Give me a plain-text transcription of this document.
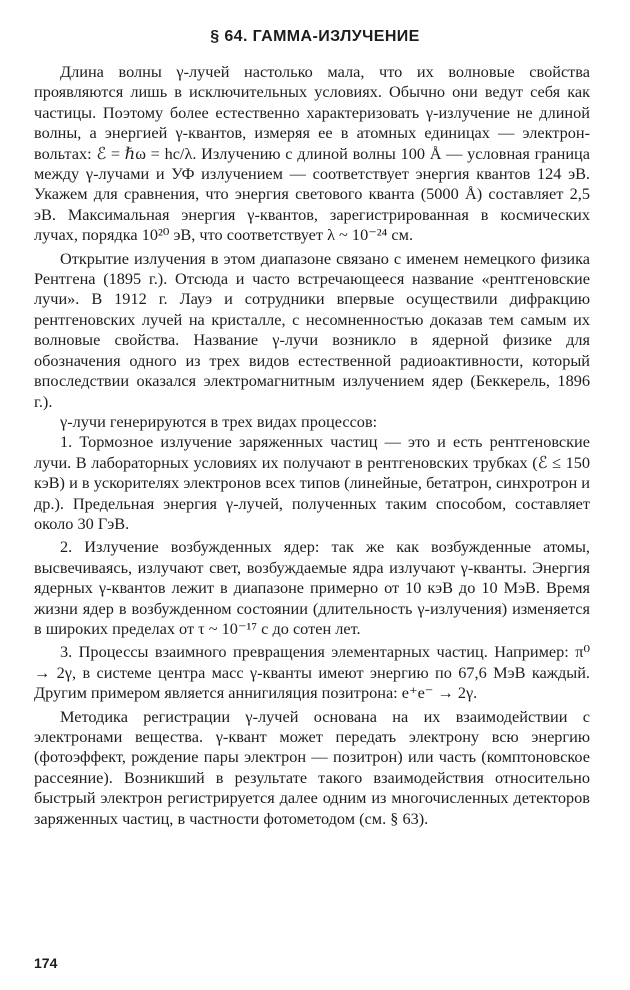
§ 64. ГАММА-ИЗЛУЧЕНИЕ

Длина волны γ-лучей настолько мала, что их волновые свойства проявляются лишь в исключительных условиях. Обычно они ведут себя как частицы. Поэтому более естественно характеризовать γ-излучение не длиной волны, а энергией γ-квантов, измеряя ее в атомных единицах — электрон-вольтах: ℰ = ℏω = hc/λ. Излучению с длиной волны 100 Å — условная граница между γ-лучами и УФ излучением — соответствует энергия квантов 124 эВ. Укажем для сравнения, что энергия светового кванта (5000 Å) составляет 2,5 эВ. Максимальная энергия γ-квантов, зарегистрированная в космических лучах, порядка 10²⁰ эВ, что соответствует λ ~ 10⁻²⁴ см.

Открытие излучения в этом диапазоне связано с именем немецкого физика Рентгена (1895 г.). Отсюда и часто встречающееся название «рентгеновские лучи». В 1912 г. Лауэ и сотрудники впервые осуществили дифракцию рентгеновских лучей на кристалле, с несомненностью доказав тем самым их волновые свойства. Название γ-лучи возникло в ядерной физике для обозначения одного из трех видов естественной радиоактивности, который впоследствии оказался электромагнитным излучением ядер (Беккерель, 1896 г.).

γ-лучи генерируются в трех видах процессов:

1. Тормозное излучение заряженных частиц — это и есть рентгеновские лучи. В лабораторных условиях их получают в рентгеновских трубках (ℰ ≤ 150 кэВ) и в ускорителях электронов всех типов (линейные, бетатрон, синхротрон и др.). Предельная энергия γ-лучей, полученных таким способом, составляет около 30 ГэВ.

2. Излучение возбужденных ядер: так же как возбужденные атомы, высвечиваясь, излучают свет, возбуждаемые ядра излучают γ-кванты. Энергия ядерных γ-квантов лежит в диапазоне примерно от 10 кэВ до 10 МэВ. Время жизни ядер в возбужденном состоянии (длительность γ-излучения) изменяется в широких пределах от τ ~ 10⁻¹⁷ с до сотен лет.

3. Процессы взаимного превращения элементарных частиц. Например: π⁰ → 2γ, в системе центра масс γ-кванты имеют энергию по 67,6 МэВ каждый. Другим примером является аннигиляция позитрона: e⁺e⁻ → 2γ.

Методика регистрации γ-лучей основана на их взаимодействии с электронами вещества. γ-квант может передать электрону всю энергию (фотоэффект, рождение пары электрон — позитрон) или часть (комптоновское рассеяние). Возникший в результате такого взаимодействия относительно быстрый электрон регистрируется далее одним из многочисленных детекторов заряженных частиц, в частности фотометодом (см. § 63).

174
